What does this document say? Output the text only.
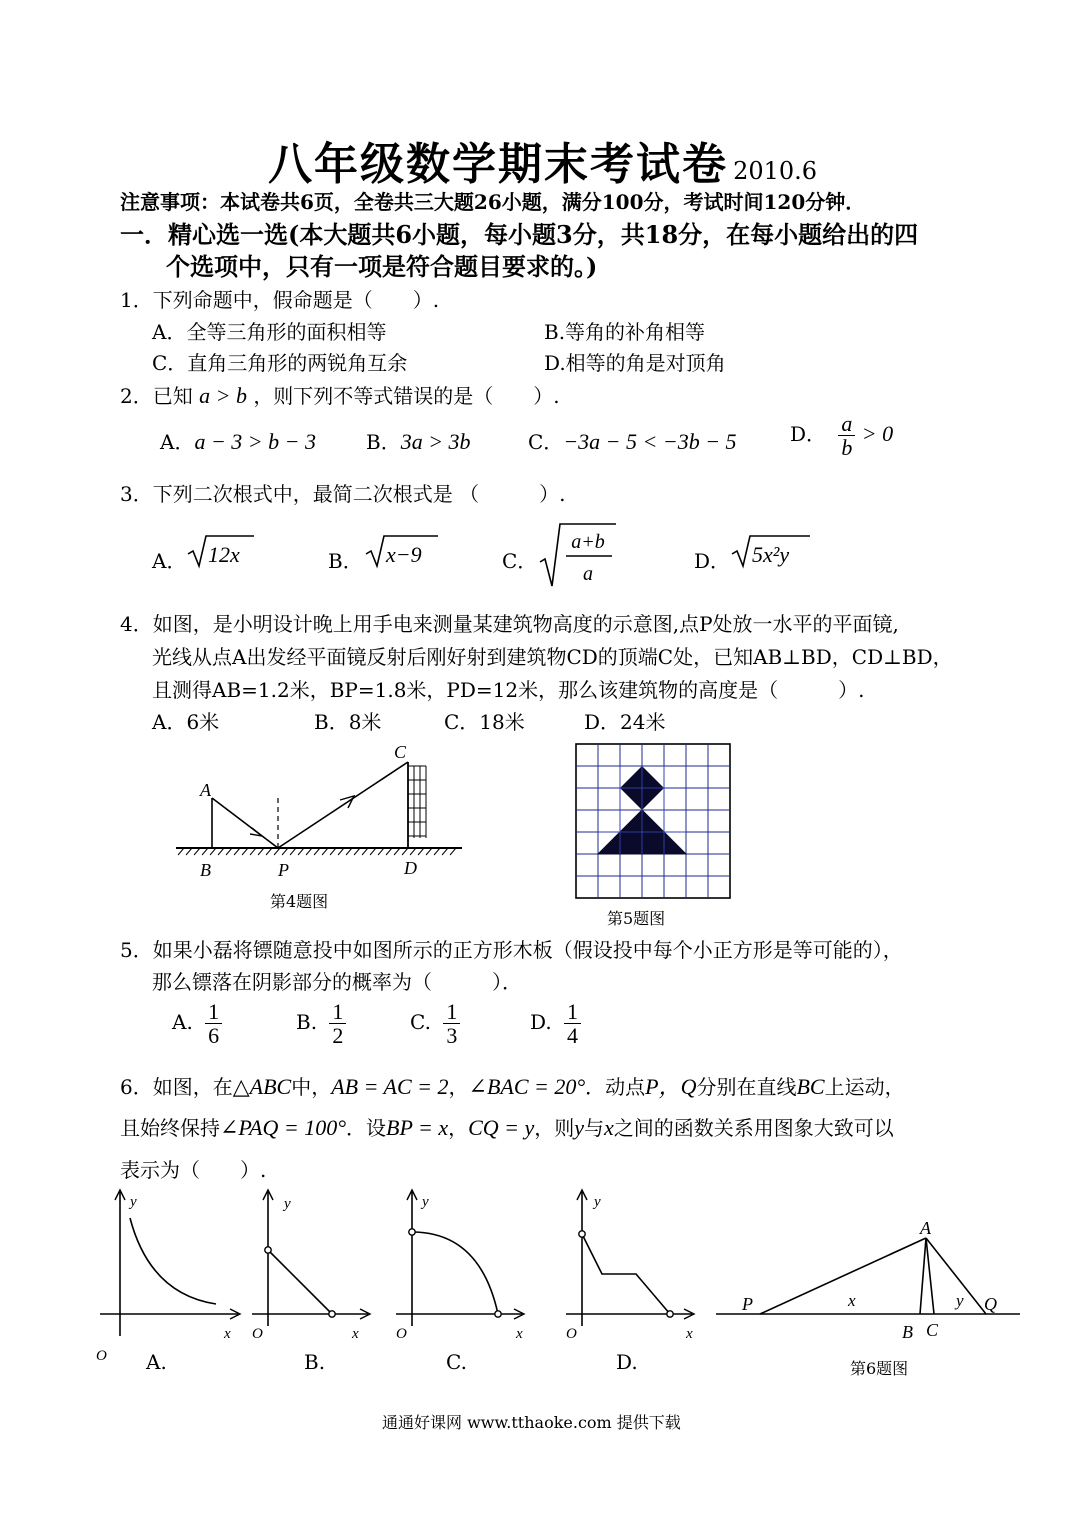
八年级数学期末考试卷 2010.6
注意事项：本试卷共6页，全卷共三大题26小题，满分100分，考试时间120分钟．
一．精心选一选(本大题共6小题，每小题3分，共18分，在每小题给出的四
个选项中，只有一项是符合题目要求的。)
1．下列命题中，假命题是（　　）.
A．全等三角形的面积相等	B.等角的补角相等
C．直角三角形的两锐角互余	D.相等的角是对顶角
2．已知 a > b ，则下列不等式错误的是（　　）.
A．a − 3 > b − 3	B．3a > 3b	C．−3a − 5 < −3b − 5	D． $\frac{a}{b} > 0$
3．下列二次根式中，最简二次根式是 （　　　）.
A． 12x	B． x−9	C．
a+b
a
D． 5x²y
4．如图，是小明设计晚上用手电来测量某建筑物高度的示意图,点P处放一水平的平面镜,
光线从点A出发经平面镜反射后刚好射到建筑物CD的顶端C处，已知AB⊥BD，CD⊥BD，
且测得AB=1.2米，BP=1.8米，PD=12米，那么该建筑物的高度是（　　　）.
A．6米	B．8米	C．18米	D．24米
A
B	P	D
C
第4题图
第5题图
5．如果小磊将镖随意投中如图所示的正方形木板（假设投中每个小正方形是等可能的），
那么镖落在阴影部分的概率为（　　　）．
A. $\frac{1}{6}$	B. $\frac{1}{2}$	C. $\frac{1}{3}$	D. $\frac{1}{4}$
6．如图，在△ABC中，AB = AC = 2，∠BAC = 20°．动点P，Q分别在直线BC上运动，
且始终保持∠PAQ = 100°．设BP = x，CQ = y，则y与x之间的函数关系用图象大致可以
表示为（　　）.
y
x
O A.
y
x
O
B.
y
x
O
C.
y
x
O
D.
A
P
B C
Q
x	y
第6题图
通通好课网 www.tthaoke.com 提供下载
